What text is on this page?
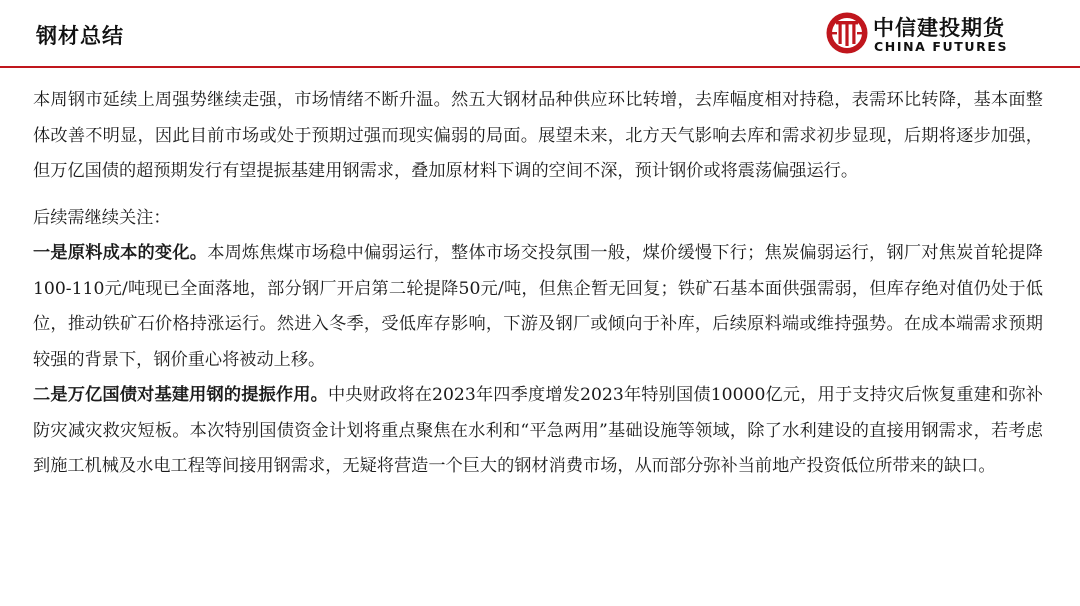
钢材总结	中信建投期货
CHINA FUTURES

本周钢市延续上周强势继续走强，市场情绪不断升温。然五大钢材品种供应环比转增，去库幅度相对持稳，表需环比转降，基本面整体改善不明显，因此目前市场或处于预期过强而现实偏弱的局面。展望未来，北方天气影响去库和需求初步显现，后期将逐步加强，但万亿国债的超预期发行有望提振基建用钢需求，叠加原材料下调的空间不深，预计钢价或将震荡偏强运行。

后续需继续关注：

一是原料成本的变化。本周炼焦煤市场稳中偏弱运行，整体市场交投氛围一般，煤价缓慢下行；焦炭偏弱运行，钢厂对焦炭首轮提降100-110元/吨现已全面落地，部分钢厂开启第二轮提降50元/吨，但焦企暂无回复；铁矿石基本面供强需弱，但库存绝对值仍处于低位，推动铁矿石价格持涨运行。然进入冬季，受低库存影响，下游及钢厂或倾向于补库，后续原料端或维持强势。在成本端需求预期较强的背景下，钢价重心将被动上移。

二是万亿国债对基建用钢的提振作用。中央财政将在2023年四季度增发2023年特别国债10000亿元，用于支持灾后恢复重建和弥补防灾减灾救灾短板。本次特别国债资金计划将重点聚焦在水利和“平急两用”基础设施等领域，除了水利建设的直接用钢需求，若考虑到施工机械及水电工程等间接用钢需求，无疑将营造一个巨大的钢材消费市场，从而部分弥补当前地产投资低位所带来的缺口。
